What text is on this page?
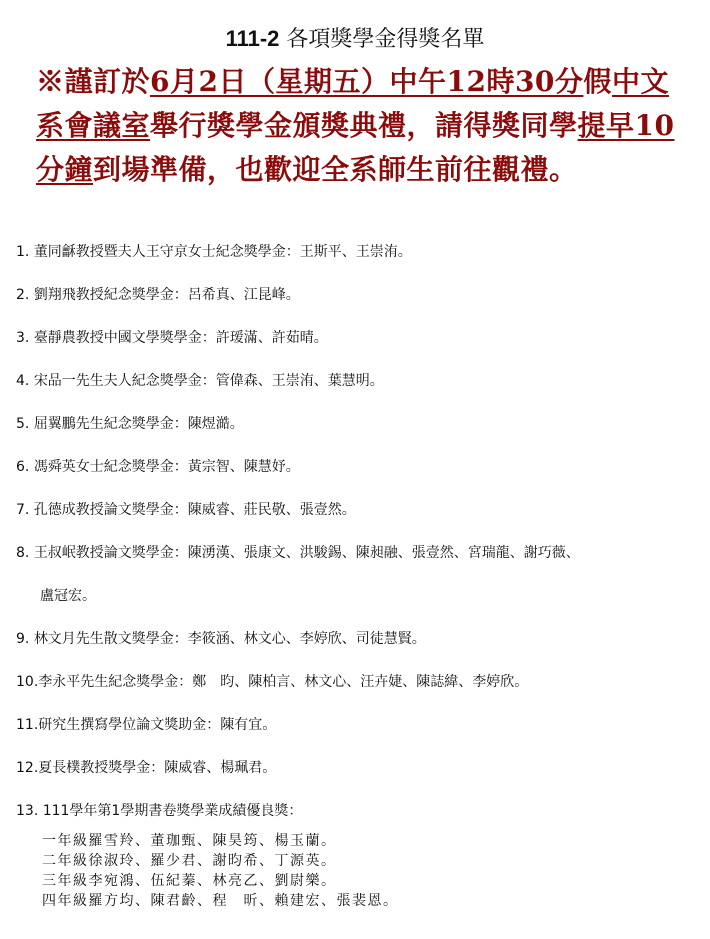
111-2 各項獎學金得獎名單
※謹訂於6月2日（星期五）中午12時30分假中文系會議室舉行獎學金頒獎典禮，請得獎同學提早10分鐘到場準備，也歡迎全系師生前往觀禮。
1. 董同龢教授暨夫人王守京女士紀念獎學金：王斯平、王崇洧。
2. 劉翔飛教授紀念獎學金：呂希真、江昆峰。
3. 臺靜農教授中國文學獎學金：許瑷滿、許茹晴。
4. 宋品一先生夫人紀念獎學金：管偉森、王崇洧、葉慧明。
5. 屈翼鵬先生紀念獎學金：陳煜澔。
6. 馮舜英女士紀念獎學金：黃宗智、陳慧妤。
7. 孔德成教授論文獎學金：陳威睿、莊民敬、張壹然。
8. 王叔岷教授論文獎學金：陳湧漢、張康文、洪駿錫、陳昶融、張壹然、宮瑞龍、謝巧薇、
盧冠宏。
9. 林文月先生散文獎學金：李筱涵、林文心、李婷欣、司徒慧賢。
10.李永平先生紀念獎學金：鄭　昀、陳柏言、林文心、汪卉婕、陳誌緯、李婷欣。
11.研究生撰寫學位論文獎助金：陳有宜。
12.夏長樸教授獎學金：陳威睿、楊珮君。
13. 111學年第1學期書卷獎學業成績優良獎：
一年級羅雪羚、董珈甄、陳昊筠、楊玉蘭。
二年級徐淑玲、羅少君、謝昀希、丁源英。
三年級李宛鴻、伍紀蓁、林亮乙、劉尉樂。
四年級羅方均、陳君齡、程　昕、賴建宏、張裴恩。
